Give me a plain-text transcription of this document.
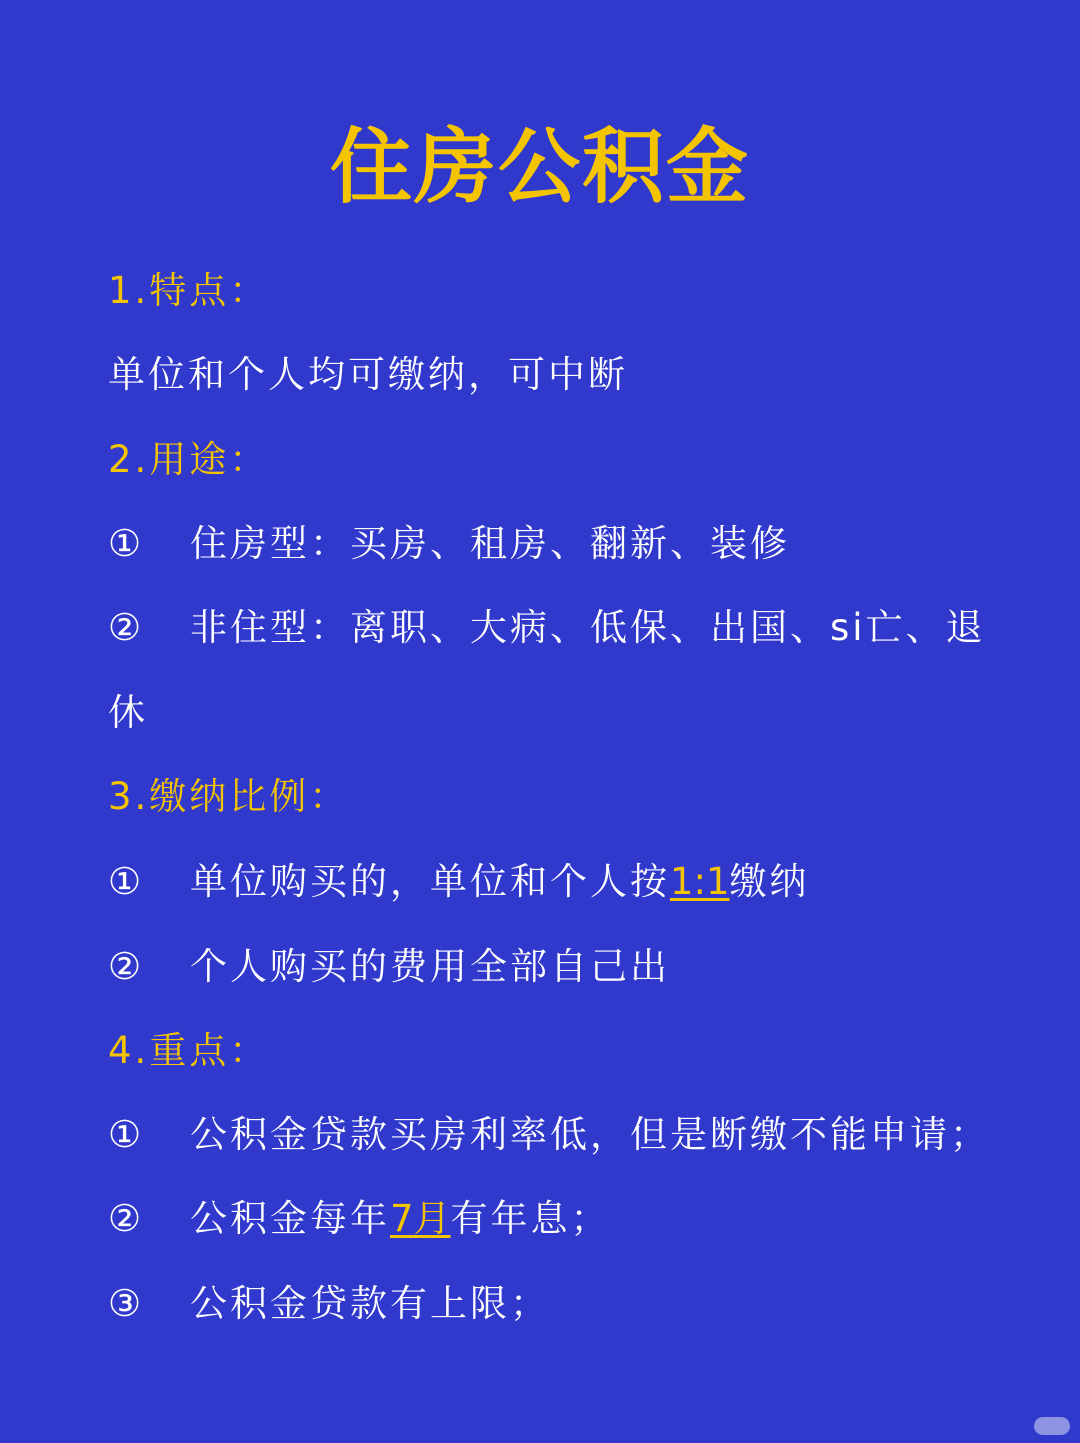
住房公积金
1.特点：
单位和个人均可缴纳，可中断
2.用途：
① 住房型：买房、租房、翻新、装修
② 非住型：离职、大病、低保、出国、si亡、退
休
3.缴纳比例：
① 单位购买的，单位和个人按1:1缴纳
② 个人购买的费用全部自己出
4.重点：
① 公积金贷款买房利率低，但是断缴不能申请；
② 公积金每年7月有年息；
③ 公积金贷款有上限；
